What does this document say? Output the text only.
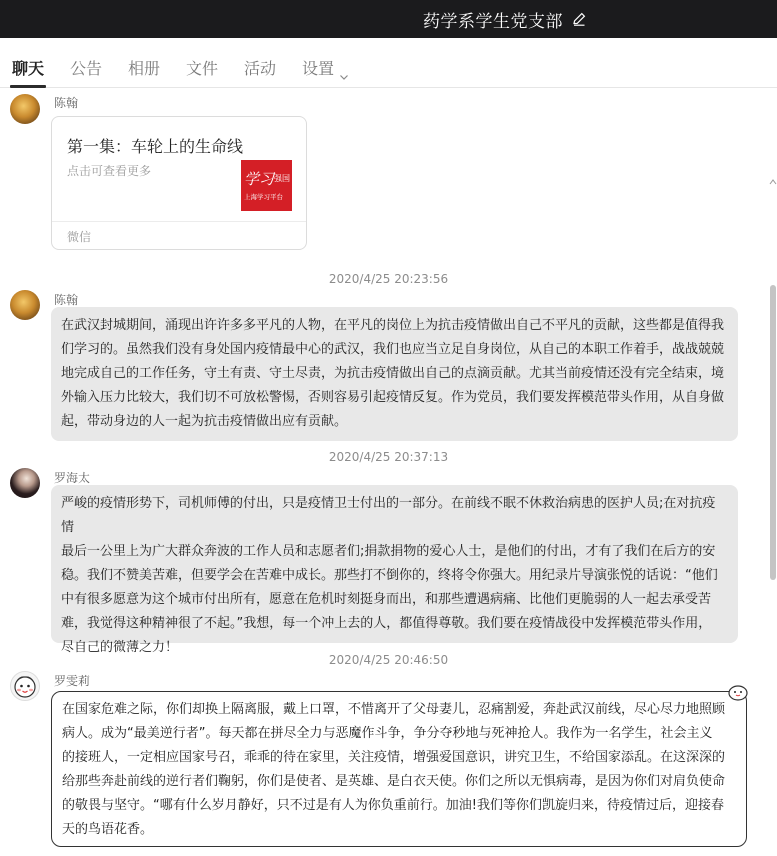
药学系学生党支部
聊天 公告 相册 文件 活动 设置
陈翰
第一集：车轮上的生命线
点击可查看更多	学习 强国
上海学习平台
微信
2020/4/25 20:23:56
陈翰
在武汉封城期间，涌现出许许多多平凡的人物，在平凡的岗位上为抗击疫情做出自己不平凡的贡献，这些都是值得我
们学习的。虽然我们没有身处国内疫情最中心的武汉，我们也应当立足自身岗位，从自己的本职工作着手，战战兢兢
地完成自己的工作任务，守土有责、守土尽责，为抗击疫情做出自己的点滴贡献。尤其当前疫情还没有完全结束，境
外输入压力比较大，我们切不可放松警惕，否则容易引起疫情反复。作为党员，我们要发挥模范带头作用，从自身做
起，带动身边的人一起为抗击疫情做出应有贡献。
2020/4/25 20:37:13
罗海太
严峻的疫情形势下，司机师傅的付出，只是疫情卫士付出的一部分。在前线不眠不休救治病患的医护人员;在对抗疫情
最后一公里上为广大群众奔波的工作人员和志愿者们;捐款捐物的爱心人士，是他们的付出，才有了我们在后方的安
稳。我们不赞美苦难，但要学会在苦难中成长。那些打不倒你的，终将令你强大。用纪录片导演张悦的话说：“他们
中有很多愿意为这个城市付出所有，愿意在危机时刻挺身而出，和那些遭遇病痛、比他们更脆弱的人一起去承受苦
难，我觉得这种精神很了不起。”我想，每一个冲上去的人，都值得尊敬。我们要在疫情战役中发挥模范带头作用，
尽自己的微薄之力！
2020/4/25 20:46:50
罗雯莉
在国家危难之际，你们却换上隔离服，戴上口罩，不惜离开了父母妻儿，忍痛割爱，奔赴武汉前线，尽心尽力地照顾
病人。成为“最美逆行者”。每天都在拼尽全力与恶魔作斗争，争分夺秒地与死神抢人。我作为一名学生，社会主义
的接班人，一定相应国家号召，乖乖的待在家里，关注疫情，增强爱国意识，讲究卫生，不给国家添乱。在这深深的
给那些奔赴前线的逆行者们鞠躬，你们是使者、是英雄、是白衣天使。你们之所以无惧病毒，是因为你们对肩负使命
的敬畏与坚守。“哪有什么岁月静好，只不过是有人为你负重前行。加油!我们等你们凯旋归来，待疫情过后，迎接春
天的鸟语花香。
